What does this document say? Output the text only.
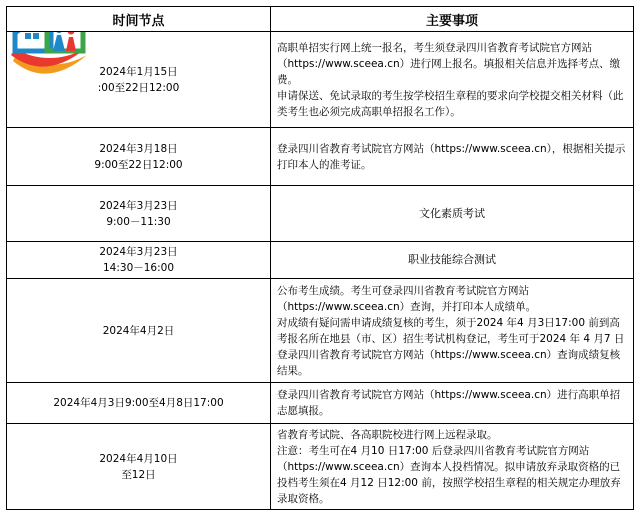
时间节点	主要事项

2024年1月15日
:00至22日12:00	高职单招实行网上统一报名，考生须登录四川省教育考试院官方网站（https://www.sceea.cn）进行网上报名。填报相关信息并选择考点、缴费。
申请保送、免试录取的考生按学校招生章程的要求向学校提交相关材料（此类考生也必须完成高职单招报名工作）。

2024年3月18日
9:00至22日12:00	登录四川省教育考试院官方网站（https://www.sceea.cn），根据相关提示打印本人的准考证。

2024年3月23日
9:00－11:30	文化素质考试

2024年3月23日
14:30－16:00	职业技能综合测试

2024年4月2日	公布考生成绩。考生可登录四川省教育考试院官方网站（https://www.sceea.cn）查询，并打印本人成绩单。
对成绩有疑问需申请成绩复核的考生，须于2024 年4 月3日17:00 前到高考报名所在地县（市、区）招生考试机构登记，考生可于2024 年 4 月7 日登录四川省教育考试院官方网站（https://www.sceea.cn）查询成绩复核结果。

2024年4月3日9:00至4月8日17:00	登录四川省教育考试院官方网站（https://www.sceea.cn）进行高职单招志愿填报。

2024年4月10日
至12日	省教育考试院、各高职院校进行网上远程录取。
注意：考生可在4 月10 日17:00 后登录四川省教育考试院官方网站（https://www.sceea.cn）查询本人投档情况。拟申请放弃录取资格的已投档考生须在4 月12 日12:00 前，按照学校招生章程的相关规定办理放弃录取资格。
